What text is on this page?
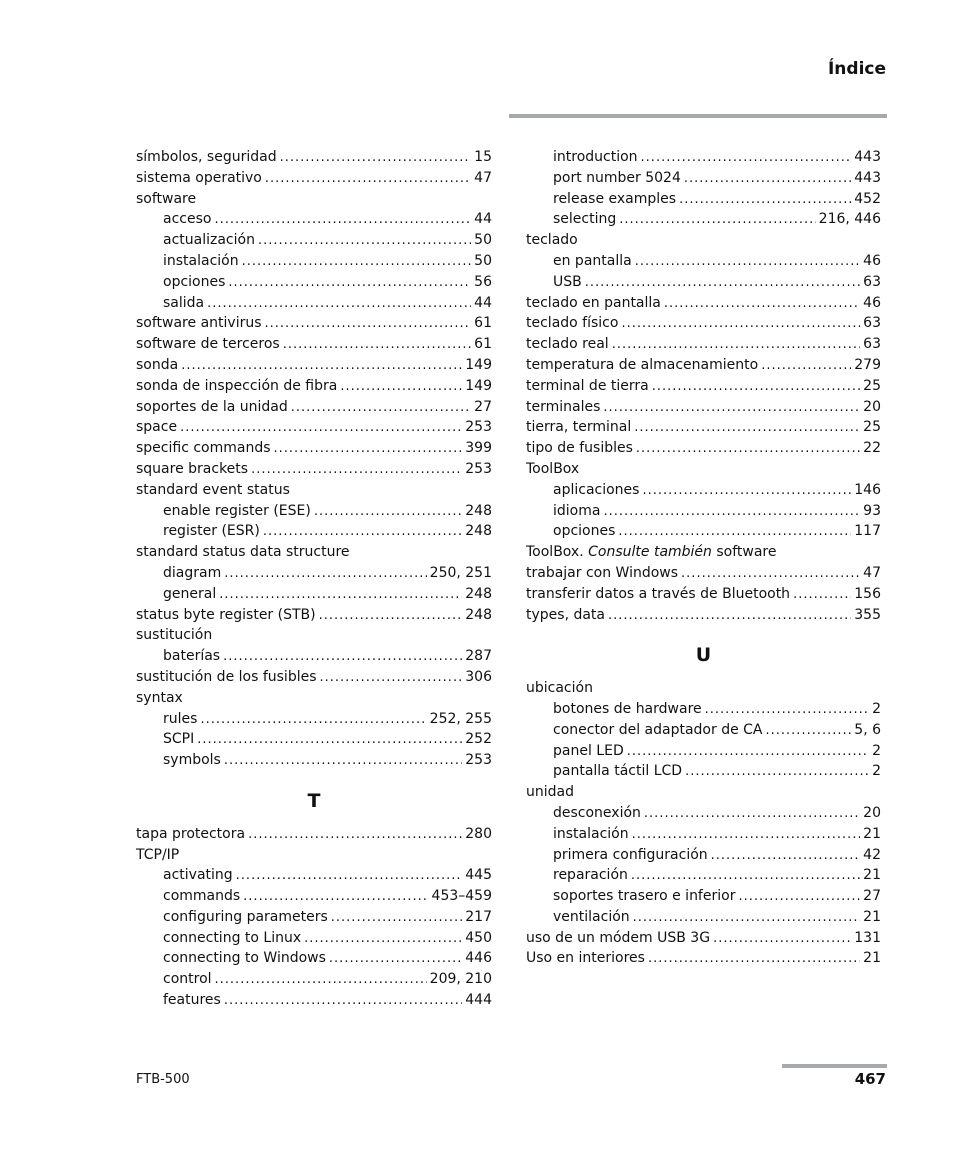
Índice
símbolos, seguridad .....	15
sistema operativo .....	47
software
acceso .....	44
actualización .....	50
instalación .....	50
opciones .....	56
salida .....	44
software antivirus .....	61
software de terceros .....	61
sonda .....	149
sonda de inspección de fibra .....	149
soportes de la unidad .....	27
space .....	253
specific commands .....	399
square brackets .....	253
standard event status
enable register (ESE) .....	248
register (ESR) .....	248
standard status data structure
diagram .....	250, 251
general .....	248
status byte register (STB) .....	248
sustitución
baterías .....	287
sustitución de los fusibles .....	306
syntax
rules .....	252, 255
SCPI .....	252
symbols .....	253
T
tapa protectora .....	280
TCP/IP
activating .....	445
commands .....	453–459
configuring parameters .....	217
connecting to Linux .....	450
connecting to Windows .....	446
control .....	209, 210
features .....	444
introduction .....	443
port number 5024 .....	443
release examples .....	452
selecting .....	216, 446
teclado
en pantalla .....	46
USB .....	63
teclado en pantalla .....	46
teclado físico .....	63
teclado real .....	63
temperatura de almacenamiento .....	279
terminal de tierra .....	25
terminales .....	20
tierra, terminal .....	25
tipo de fusibles .....	22
ToolBox
aplicaciones .....	146
idioma .....	93
opciones .....	117
ToolBox. Consulte también software
trabajar con Windows .....	47
transferir datos a través de Bluetooth .....	156
types, data .....	355
U
ubicación
botones de hardware .....	2
conector del adaptador de CA .....	5, 6
panel LED .....	2
pantalla táctil LCD .....	2
unidad
desconexión .....	20
instalación .....	21
primera configuración .....	42
reparación .....	21
soportes trasero e inferior .....	27
ventilación .....	21
uso de un módem USB 3G .....	131
Uso en interiores .....	21
FTB-500	467
